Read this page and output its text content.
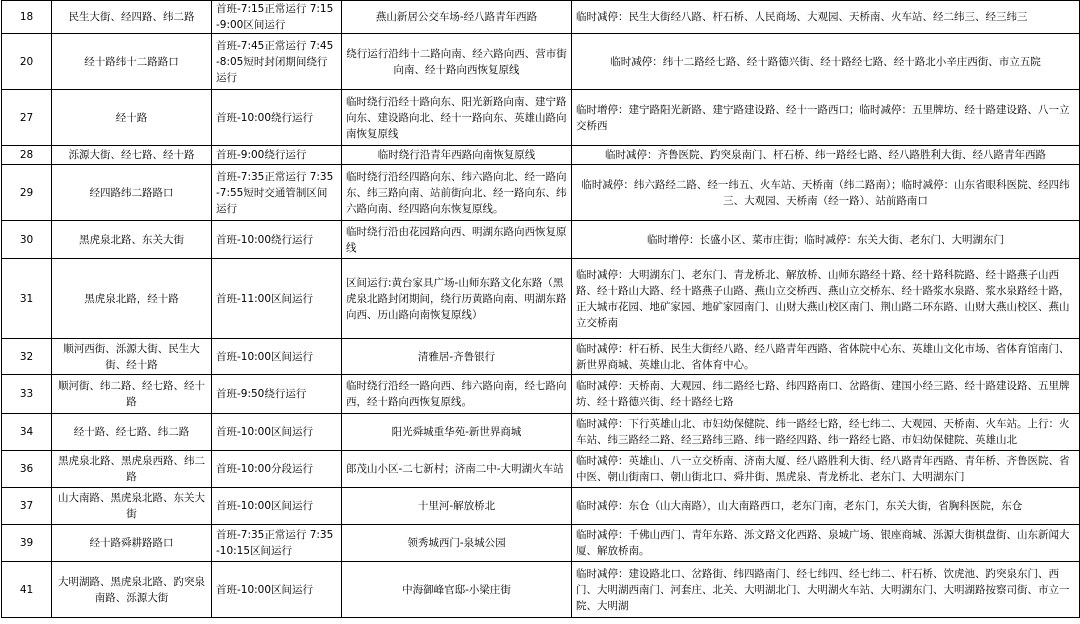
18	民生大街、经四路、纬二路	首班-7:15正常运行 7:15-9:00区间运行	燕山新居公交车场-经八路青年西路	临时减停：民生大街经八路、杆石桥、人民商场、大观园、天桥南、火车站、经二纬三、经三纬三
20	经十路纬十二路路口	首班-7:45正常运行 7:45-8:05短时封闭期间绕行运行	绕行运行沿纬十二路向南、经六路向西、营市街向南、经十路向西恢复原线	临时减停：纬十二路经七路、经十路德兴街、经十路经七路、经十路北小辛庄西街、市立五院
27	经十路	首班-10:00绕行运行	临时绕行沿经十路向东、阳光新路向南、建宁路向东、建设路向北、经十一路向东、英雄山路向南恢复原线	临时增停：建宁路阳光新路、建宁路建设路、经十一路西口；临时减停：五里牌坊、经十路建设路、八一立交桥西
28	泺源大街、经七路、经十路	首班-9:00绕行运行	临时绕行沿青年西路向南恢复原线	临时减停：齐鲁医院、趵突泉南门、杆石桥、纬一路经七路、经八路胜利大街、经八路青年西路
29	经四路纬二路路口	首班-7:35正常运行 7:35-7:55短时交通管制区间运行	临时绕行沿经四路向东、纬六路向北、经一路向东、纬三路向南、站前街向北、经一路向东、纬六路向南、经四路向东恢复原线。	临时减停：纬六路经二路、经一纬五、火车站、天桥南（纬二路南）；临时减停：山东省眼科医院、经四纬三、大观园、天桥南（经一路）、站前路南口
30	黑虎泉北路、东关大街	首班-10:00绕行运行	临时绕行沿由花园路向西、明湖东路向西恢复原线	临时增停：长盛小区、菜市庄街；临时减停：东关大街、老东门、大明湖东门
31	黑虎泉北路，经十路	首班-11:00区间运行	区间运行:黄台家具广场-山师东路文化东路（黑虎泉北路封闭期间，绕行历黄路向南、明湖东路向西、历山路向南恢复原线）	临时减停：大明湖东门、老东门、青龙桥北、解放桥、山师东路经十路、经十路科院路、经十路燕子山西路、经十路山大路、经十路燕子山路、燕山立交桥西、燕山立交桥东、经十路浆水泉路、浆水泉路经十路，正大城市花园、地矿家园、地矿家园南门、山财大燕山校区南门、荆山路二环东路、山财大燕山校区、燕山立交桥南
32	顺河西街、泺源大街、民生大街、经十路	首班-10:00区间运行	清雅居-齐鲁银行	临时减停：杆石桥、民生大街经八路、经八路青年西路、省体院中心东、英雄山文化市场、省体育馆南门、新世界商城、英雄山北、省体育中心。
33	顺河街、纬二路、经七路、经十路	首班-9:50绕行运行	临时绕行沿经一路向西、纬六路向南，经七路向西，经十路向西恢复原线。	临时减停：天桥南、大观园、纬二路经七路、纬四路南口、岔路街、建国小经三路、经十路建设路、五里牌坊、经十路德兴街、经十路经七路
34	经十路、经七路、纬二路	首班-10:00区间运行	阳光舜城重华苑-新世界商城	临时减停：下行英雄山北、市妇幼保健院、纬一路经七路，经七纬二、大观园、天桥南、火车站。上行：火车站、纬三路经二路、经三路纬三路、纬一路经四路、纬一路经七路、市妇幼保健院、英雄山北
36	黑虎泉北路、黑虎泉西路、纬二路	首班-10:00分段运行	郎茂山小区-二七新村；济南二中-大明湖火车站	临时减停：英雄山、八一立交桥南、济南大厦、经八路胜利大街、经八路青年西路、青年桥、齐鲁医院、省中医、朝山街南口、朝山街北口、舜井街、黑虎泉、青龙桥北、老东门、大明湖东门
37	山大南路、黑虎泉北路、东关大街	首班-10:00区间运行	十里河-解放桥北	临时减停：东仓（山大南路），山大南路西口，老东门南，老东门，东关大街，省胸科医院，东仓
39	经十路舜耕路路口	首班-7:35正常运行 7:35-10:15区间运行	领秀城西门-泉城公园	临时减停：千佛山西门、青年东路、泺文路文化西路、泉城广场、银座商城、泺源大街棋盘街、山东新闻大厦、解放桥南。
41	大明湖路、黑虎泉北路、趵突泉南路、泺源大街	首班-10:00区间运行	中海御峰官邸-小梁庄街	临时减停：建设路北口、岔路街、纬四路南门、经七纬四、经七纬二、杆石桥、饮虎池、趵突泉东门、西门、大明湖西南门、河套庄、北关、大明湖北门、大明湖火车站、大明湖东门、大明湖路按察司街、市立一院、大明湖
